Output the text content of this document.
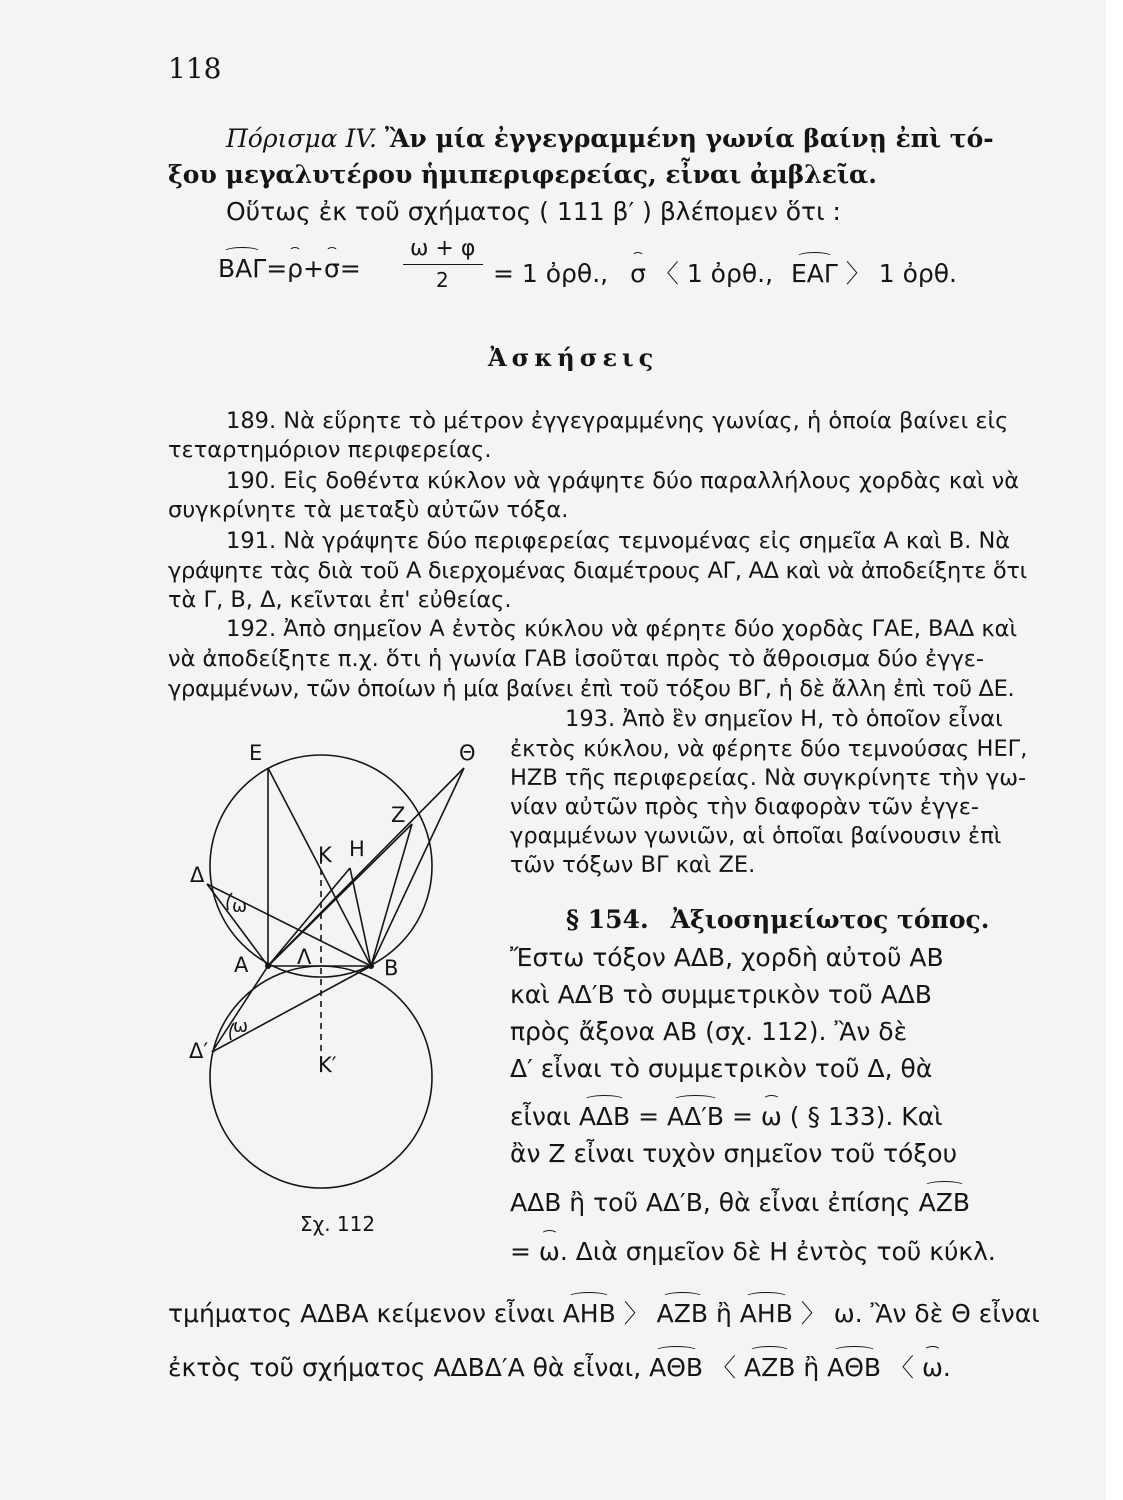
118
Πόρισμα IV. Ἂν μία ἐγγεγραμμένη γωνία βαίνῃ ἐπὶ τό-
ξου μεγαλυτέρου ἡμιπεριφερείας, εἶναι ἀμβλεῖα.
Οὕτως ἐκ τοῦ σχήματος ( 111 β′ ) βλέπομεν ὅτι :
ΒΑΓ=ρ+σ=
ω + φ
2 = 1 ὀρθ., σ 〈 1 ὀρθ., ΕΑΓ 〉 1 ὀρθ.
Ἀσκήσεις
189. Νὰ εὕρητε τὸ μέτρον ἐγγεγραμμένης γωνίας, ἡ ὁποία βαίνει εἰς
τεταρτημόριον περιφερείας.
190. Εἰς δοθέντα κύκλον νὰ γράψητε δύο παραλλήλους χορδὰς καὶ νὰ
συγκρίνητε τὰ μεταξὺ αὐτῶν τόξα.
191. Νὰ γράψητε δύο περιφερείας τεμνομένας εἰς σημεῖα Α καὶ Β. Νὰ
γράψητε τὰς διὰ τοῦ Α διερχομένας διαμέτρους ΑΓ, ΑΔ καὶ νὰ ἀποδείξητε ὅτι
τὰ Γ, Β, Δ, κεῖνται ἐπ' εὐθείας.
192. Ἀπὸ σημεῖον Α ἐντὸς κύκλου νὰ φέρητε δύο χορδὰς ΓΑΕ, ΒΑΔ καὶ
νὰ ἀποδείξητε π.χ. ὅτι ἡ γωνία ΓΑΒ ἰσοῦται πρὸς τὸ ἄθροισμα δύο ἐγγε-
γραμμένων, τῶν ὁποίων ἡ μία βαίνει ἐπὶ τοῦ τόξου ΒΓ, ἡ δὲ ἄλλη ἐπὶ τοῦ ΔΕ.
193. Ἀπὸ ἓν σημεῖον Η, τὸ ὁποῖον εἶναι
ἐκτὸς κύκλου, νὰ φέρητε δύο τεμνούσας ΗΕΓ,
ΗΖΒ τῆς περιφερείας. Νὰ συγκρίνητε τὴν γω-
νίαν αὐτῶν πρὸς τὴν διαφορὰν τῶν ἐγγε-
γραμμένων γωνιῶν, αἱ ὁποῖαι βαίνουσιν ἐπὶ
τῶν τόξων ΒΓ καὶ ΖΕ.
§ 154. Ἀξιοσημείωτος τόπος.
Ἔστω τόξον ΑΔΒ, χορδὴ αὐτοῦ ΑΒ
καὶ ΑΔ′Β τὸ συμμετρικὸν τοῦ ΑΔΒ
πρὸς ἄξονα ΑΒ (σχ. 112). Ἂν δὲ
Δ′ εἶναι τὸ συμμετρικὸν τοῦ Δ, θὰ
εἶναι ΑΔΒ = ΑΔ′Β = ω ( § 133). Καὶ
ἂν Ζ εἶναι τυχὸν σημεῖον τοῦ τόξου
ΑΔΒ ἢ τοῦ ΑΔ′Β, θὰ εἶναι ἐπίσης ΑΖΒ
= ω. Διὰ σημεῖον δὲ Η ἐντὸς τοῦ κύκλ.
τμήματος ΑΔΒΑ κείμενον εἶναι ΑΗΒ 〉 ΑΖΒ ἢ ΑΗΒ 〉 ω. Ἂν δὲ Θ εἶναι
ἐκτὸς τοῦ σχήματος ΑΔΒΔ′Α θὰ εἶναι, ΑΘΒ 〈 ΑΖΒ ἢ ΑΘΒ 〈 ω.
Ε	Θ
Ζ
Κ Η
Δ
ω
Α Λ	Β
ω
Δ′
Κ′
Σχ. 112
